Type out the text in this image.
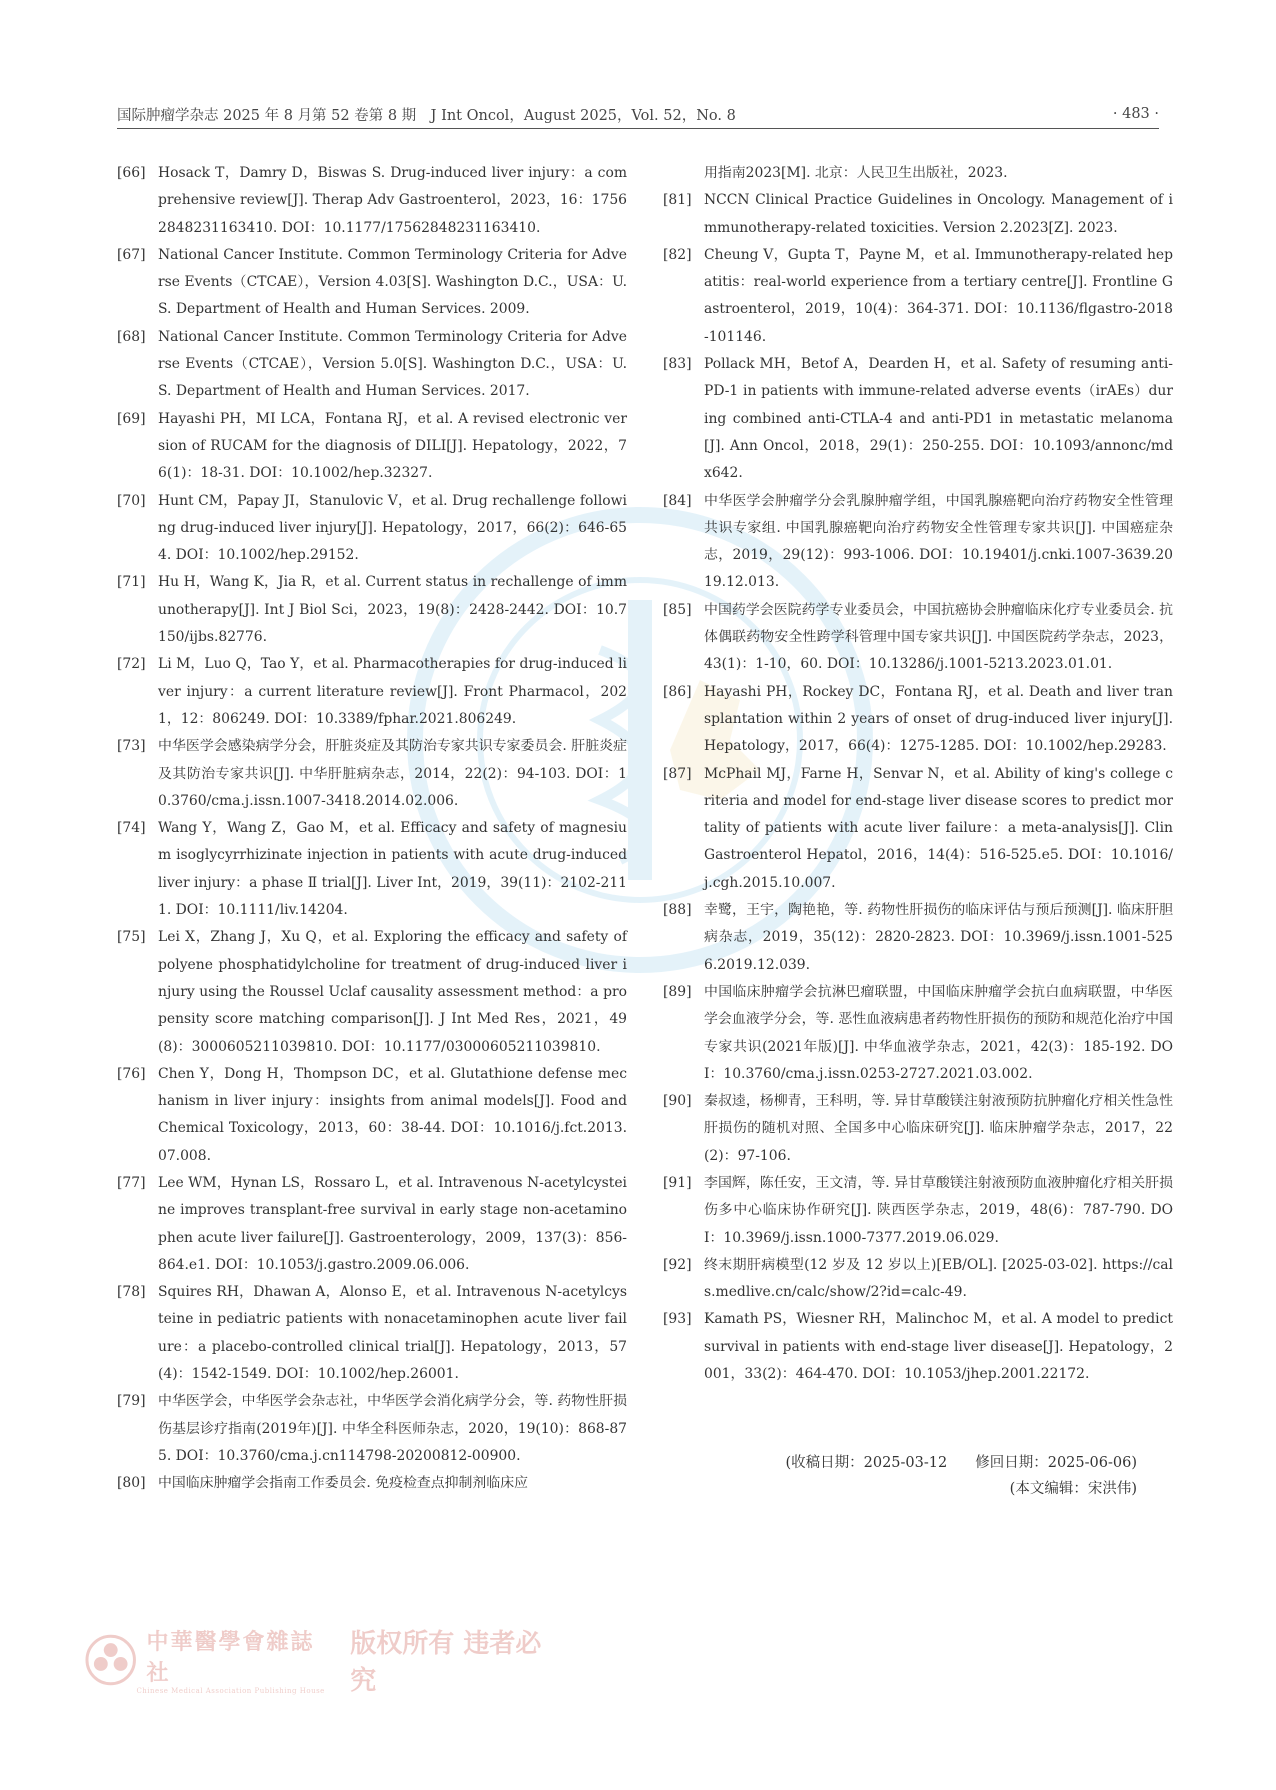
国际肿瘤学杂志 2025 年 8 月第 52 卷第 8 期　J Int Oncol，August 2025，Vol. 52，No. 8	· 483 ·
[66] Hosack T，Damry D，Biswas S. Drug-induced liver injury：a comprehensive review[J]. Therap Adv Gastroenterol，2023，16：17562848231163410. DOI：10.1177/17562848231163410.
[67] National Cancer Institute. Common Terminology Criteria for Adverse Events（CTCAE），Version 4.03[S]. Washington D.C.，USA：U.S. Department of Health and Human Services. 2009.
[68] National Cancer Institute. Common Terminology Criteria for Adverse Events（CTCAE），Version 5.0[S]. Washington D.C.，USA：U.S. Department of Health and Human Services. 2017.
[69] Hayashi PH，MI LCA，Fontana RJ，et al. A revised electronic version of RUCAM for the diagnosis of DILI[J]. Hepatology，2022，76(1)：18-31. DOI：10.1002/hep.32327.
[70] Hunt CM，Papay JI，Stanulovic V，et al. Drug rechallenge following drug-induced liver injury[J]. Hepatology，2017，66(2)：646-654. DOI：10.1002/hep.29152.
[71] Hu H，Wang K，Jia R，et al. Current status in rechallenge of immunotherapy[J]. Int J Biol Sci，2023，19(8)：2428-2442. DOI：10.7150/ijbs.82776.
[72] Li M，Luo Q，Tao Y，et al. Pharmacotherapies for drug-induced liver injury：a current literature review[J]. Front Pharmacol，2021，12：806249. DOI：10.3389/fphar.2021.806249.
[73] 中华医学会感染病学分会，肝脏炎症及其防治专家共识专家委员会. 肝脏炎症及其防治专家共识[J]. 中华肝脏病杂志，2014，22(2)：94-103. DOI：10.3760/cma.j.issn.1007-3418.2014.02.006.
[74] Wang Y，Wang Z，Gao M，et al. Efficacy and safety of magnesium isoglycyrrhizinate injection in patients with acute drug-induced liver injury：a phase Ⅱ trial[J]. Liver Int，2019，39(11)：2102-2111. DOI：10.1111/liv.14204.
[75] Lei X，Zhang J，Xu Q，et al. Exploring the efficacy and safety of polyene phosphatidylcholine for treatment of drug-induced liver injury using the Roussel Uclaf causality assessment method：a propensity score matching comparison[J]. J Int Med Res，2021，49(8)：3000605211039810. DOI：10.1177/03000605211039810.
[76] Chen Y，Dong H，Thompson DC，et al. Glutathione defense mechanism in liver injury：insights from animal models[J]. Food and Chemical Toxicology，2013，60：38-44. DOI：10.1016/j.fct.2013.07.008.
[77] Lee WM，Hynan LS，Rossaro L，et al. Intravenous N-acetylcysteine improves transplant-free survival in early stage non-acetaminophen acute liver failure[J]. Gastroenterology，2009，137(3)：856-864.e1. DOI：10.1053/j.gastro.2009.06.006.
[78] Squires RH，Dhawan A，Alonso E，et al. Intravenous N-acetylcysteine in pediatric patients with nonacetaminophen acute liver failure：a placebo-controlled clinical trial[J]. Hepatology，2013，57(4)：1542-1549. DOI：10.1002/hep.26001.
[79] 中华医学会，中华医学会杂志社，中华医学会消化病学分会，等. 药物性肝损伤基层诊疗指南(2019年)[J]. 中华全科医师杂志，2020，19(10)：868-875. DOI：10.3760/cma.j.cn114798-20200812-00900.
[80] 中国临床肿瘤学会指南工作委员会. 免疫检查点抑制剂临床应
用指南2023[M]. 北京：人民卫生出版社，2023.
[81] NCCN Clinical Practice Guidelines in Oncology. Management of immunotherapy-related toxicities. Version 2.2023[Z]. 2023.
[82] Cheung V，Gupta T，Payne M，et al. Immunotherapy-related hepatitis：real-world experience from a tertiary centre[J]. Frontline Gastroenterol，2019，10(4)：364-371. DOI：10.1136/flgastro-2018-101146.
[83] Pollack MH，Betof A，Dearden H，et al. Safety of resuming anti-PD-1 in patients with immune-related adverse events（irAEs）during combined anti-CTLA-4 and anti-PD1 in metastatic melanoma[J]. Ann Oncol，2018，29(1)：250-255. DOI：10.1093/annonc/mdx642.
[84] 中华医学会肿瘤学分会乳腺肿瘤学组，中国乳腺癌靶向治疗药物安全性管理共识专家组. 中国乳腺癌靶向治疗药物安全性管理专家共识[J]. 中国癌症杂志，2019，29(12)：993-1006. DOI：10.19401/j.cnki.1007-3639.2019.12.013.
[85] 中国药学会医院药学专业委员会，中国抗癌协会肿瘤临床化疗专业委员会. 抗体偶联药物安全性跨学科管理中国专家共识[J]. 中国医院药学杂志，2023，43(1)：1-10，60. DOI：10.13286/j.1001-5213.2023.01.01.
[86] Hayashi PH，Rockey DC，Fontana RJ，et al. Death and liver transplantation within 2 years of onset of drug-induced liver injury[J]. Hepatology，2017，66(4)：1275-1285. DOI：10.1002/hep.29283.
[87] McPhail MJ，Farne H，Senvar N，et al. Ability of king's college criteria and model for end-stage liver disease scores to predict mortality of patients with acute liver failure：a meta-analysis[J]. Clin Gastroenterol Hepatol，2016，14(4)：516-525.e5. DOI：10.1016/j.cgh.2015.10.007.
[88] 幸鹭，王宇，陶艳艳，等. 药物性肝损伤的临床评估与预后预测[J]. 临床肝胆病杂志，2019，35(12)：2820-2823. DOI：10.3969/j.issn.1001-5256.2019.12.039.
[89] 中国临床肿瘤学会抗淋巴瘤联盟，中国临床肿瘤学会抗白血病联盟，中华医学会血液学分会，等. 恶性血液病患者药物性肝损伤的预防和规范化治疗中国专家共识(2021年版)[J]. 中华血液学杂志，2021，42(3)：185-192. DOI：10.3760/cma.j.issn.0253-2727.2021.03.002.
[90] 秦叔逵，杨柳青，王科明，等. 异甘草酸镁注射液预防抗肿瘤化疗相关性急性肝损伤的随机对照、全国多中心临床研究[J]. 临床肿瘤学杂志，2017，22(2)：97-106.
[91] 李国辉，陈任安，王文清，等. 异甘草酸镁注射液预防血液肿瘤化疗相关肝损伤多中心临床协作研究[J]. 陕西医学杂志，2019，48(6)：787-790. DOI：10.3969/j.issn.1000-7377.2019.06.029.
[92] 终末期肝病模型(12 岁及 12 岁以上)[EB/OL]. [2025-03-02]. https://cals.medlive.cn/calc/show/2?id=calc-49.
[93] Kamath PS，Wiesner RH，Malinchoc M，et al. A model to predict survival in patients with end-stage liver disease[J]. Hepatology，2001，33(2)：464-470. DOI：10.1053/jhep.2001.22172.
(收稿日期：2025-03-12 修回日期：2025-06-06)
(本文编辑：宋洪伟)
中華醫學會雜誌社
Chinese Medical Association Publishing House
版权所有 违者必究
